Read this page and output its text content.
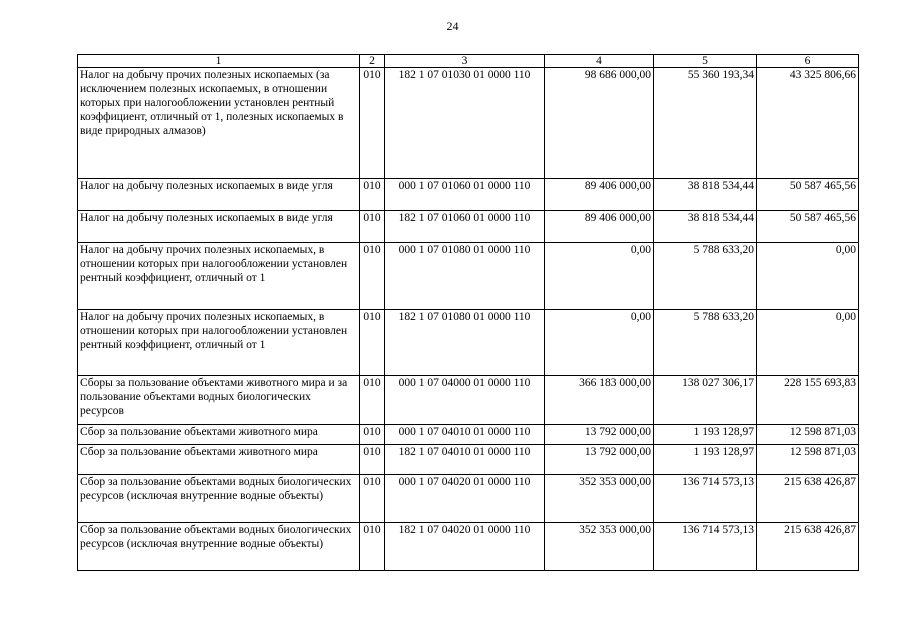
24
1	2	3	4	5	6
Налог на добычу прочих полезных ископаемых (за исключением полезных ископаемых, в отношении которых при налогообложении установлен рентный коэффициент, отличный от 1, полезных ископаемых в виде природных алмазов)	010	182 1 07 01030 01 0000 110	98 686 000,00	55 360 193,34	43 325 806,66
Налог на добычу полезных ископаемых в виде угля	010	000 1 07 01060 01 0000 110	89 406 000,00	38 818 534,44	50 587 465,56
Налог на добычу полезных ископаемых в виде угля	010	182 1 07 01060 01 0000 110	89 406 000,00	38 818 534,44	50 587 465,56
Налог на добычу прочих полезных ископаемых, в отношении которых при налогообложении установлен рентный коэффициент, отличный от 1	010	000 1 07 01080 01 0000 110	0,00	5 788 633,20	0,00
Налог на добычу прочих полезных ископаемых, в отношении которых при налогообложении установлен рентный коэффициент, отличный от 1	010	182 1 07 01080 01 0000 110	0,00	5 788 633,20	0,00
Сборы за пользование объектами животного мира и за пользование объектами водных биологических ресурсов	010	000 1 07 04000 01 0000 110	366 183 000,00	138 027 306,17	228 155 693,83
Сбор за пользование объектами животного мира	010	000 1 07 04010 01 0000 110	13 792 000,00	1 193 128,97	12 598 871,03
Сбор за пользование объектами животного мира	010	182 1 07 04010 01 0000 110	13 792 000,00	1 193 128,97	12 598 871,03
Сбор за пользование объектами водных биологических ресурсов (исключая внутренние водные объекты)	010	000 1 07 04020 01 0000 110	352 353 000,00	136 714 573,13	215 638 426,87
Сбор за пользование объектами водных биологических ресурсов (исключая внутренние водные объекты)	010	182 1 07 04020 01 0000 110	352 353 000,00	136 714 573,13	215 638 426,87
